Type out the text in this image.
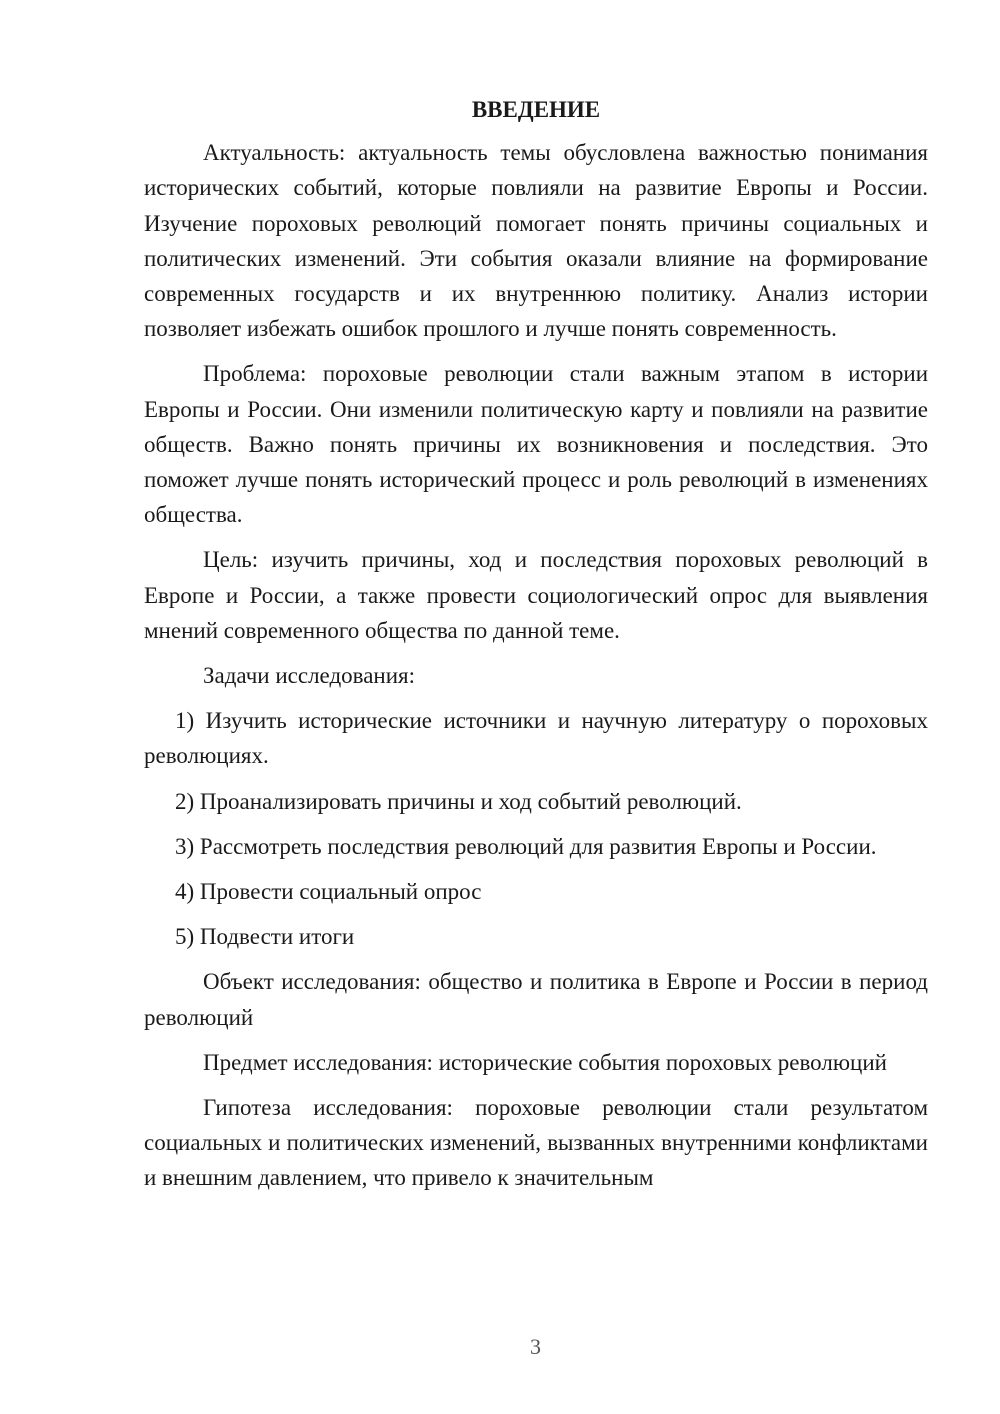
ВВЕДЕНИЕ

Актуальность: актуальность темы обусловлена важностью понимания исторических событий, которые повлияли на развитие Европы и России. Изучение пороховых революций помогает понять причины социальных и политических изменений. Эти события оказали влияние на формирование современных государств и их внутреннюю политику. Анализ истории позволяет избежать ошибок прошлого и лучше понять современность.

Проблема: пороховые революции стали важным этапом в истории Европы и России. Они изменили политическую карту и повлияли на развитие обществ. Важно понять причины их возникновения и последствия. Это поможет лучше понять исторический процесс и роль революций в изменениях общества.

Цель: изучить причины, ход и последствия пороховых революций в Европе и России, а также провести социологический опрос для выявления мнений современного общества по данной теме.

Задачи исследования:

1) Изучить исторические источники и научную литературу о пороховых революциях.

2) Проанализировать причины и ход событий революций.

3) Рассмотреть последствия революций для развития Европы и России.

4) Провести социальный опрос

5) Подвести итоги

Объект исследования: общество и политика в Европе и России в период революций

Предмет исследования: исторические события пороховых революций

Гипотеза исследования: пороховые революции стали результатом социальных и политических изменений, вызванных внутренними конфликтами и внешним давлением, что привело к значительным

3
